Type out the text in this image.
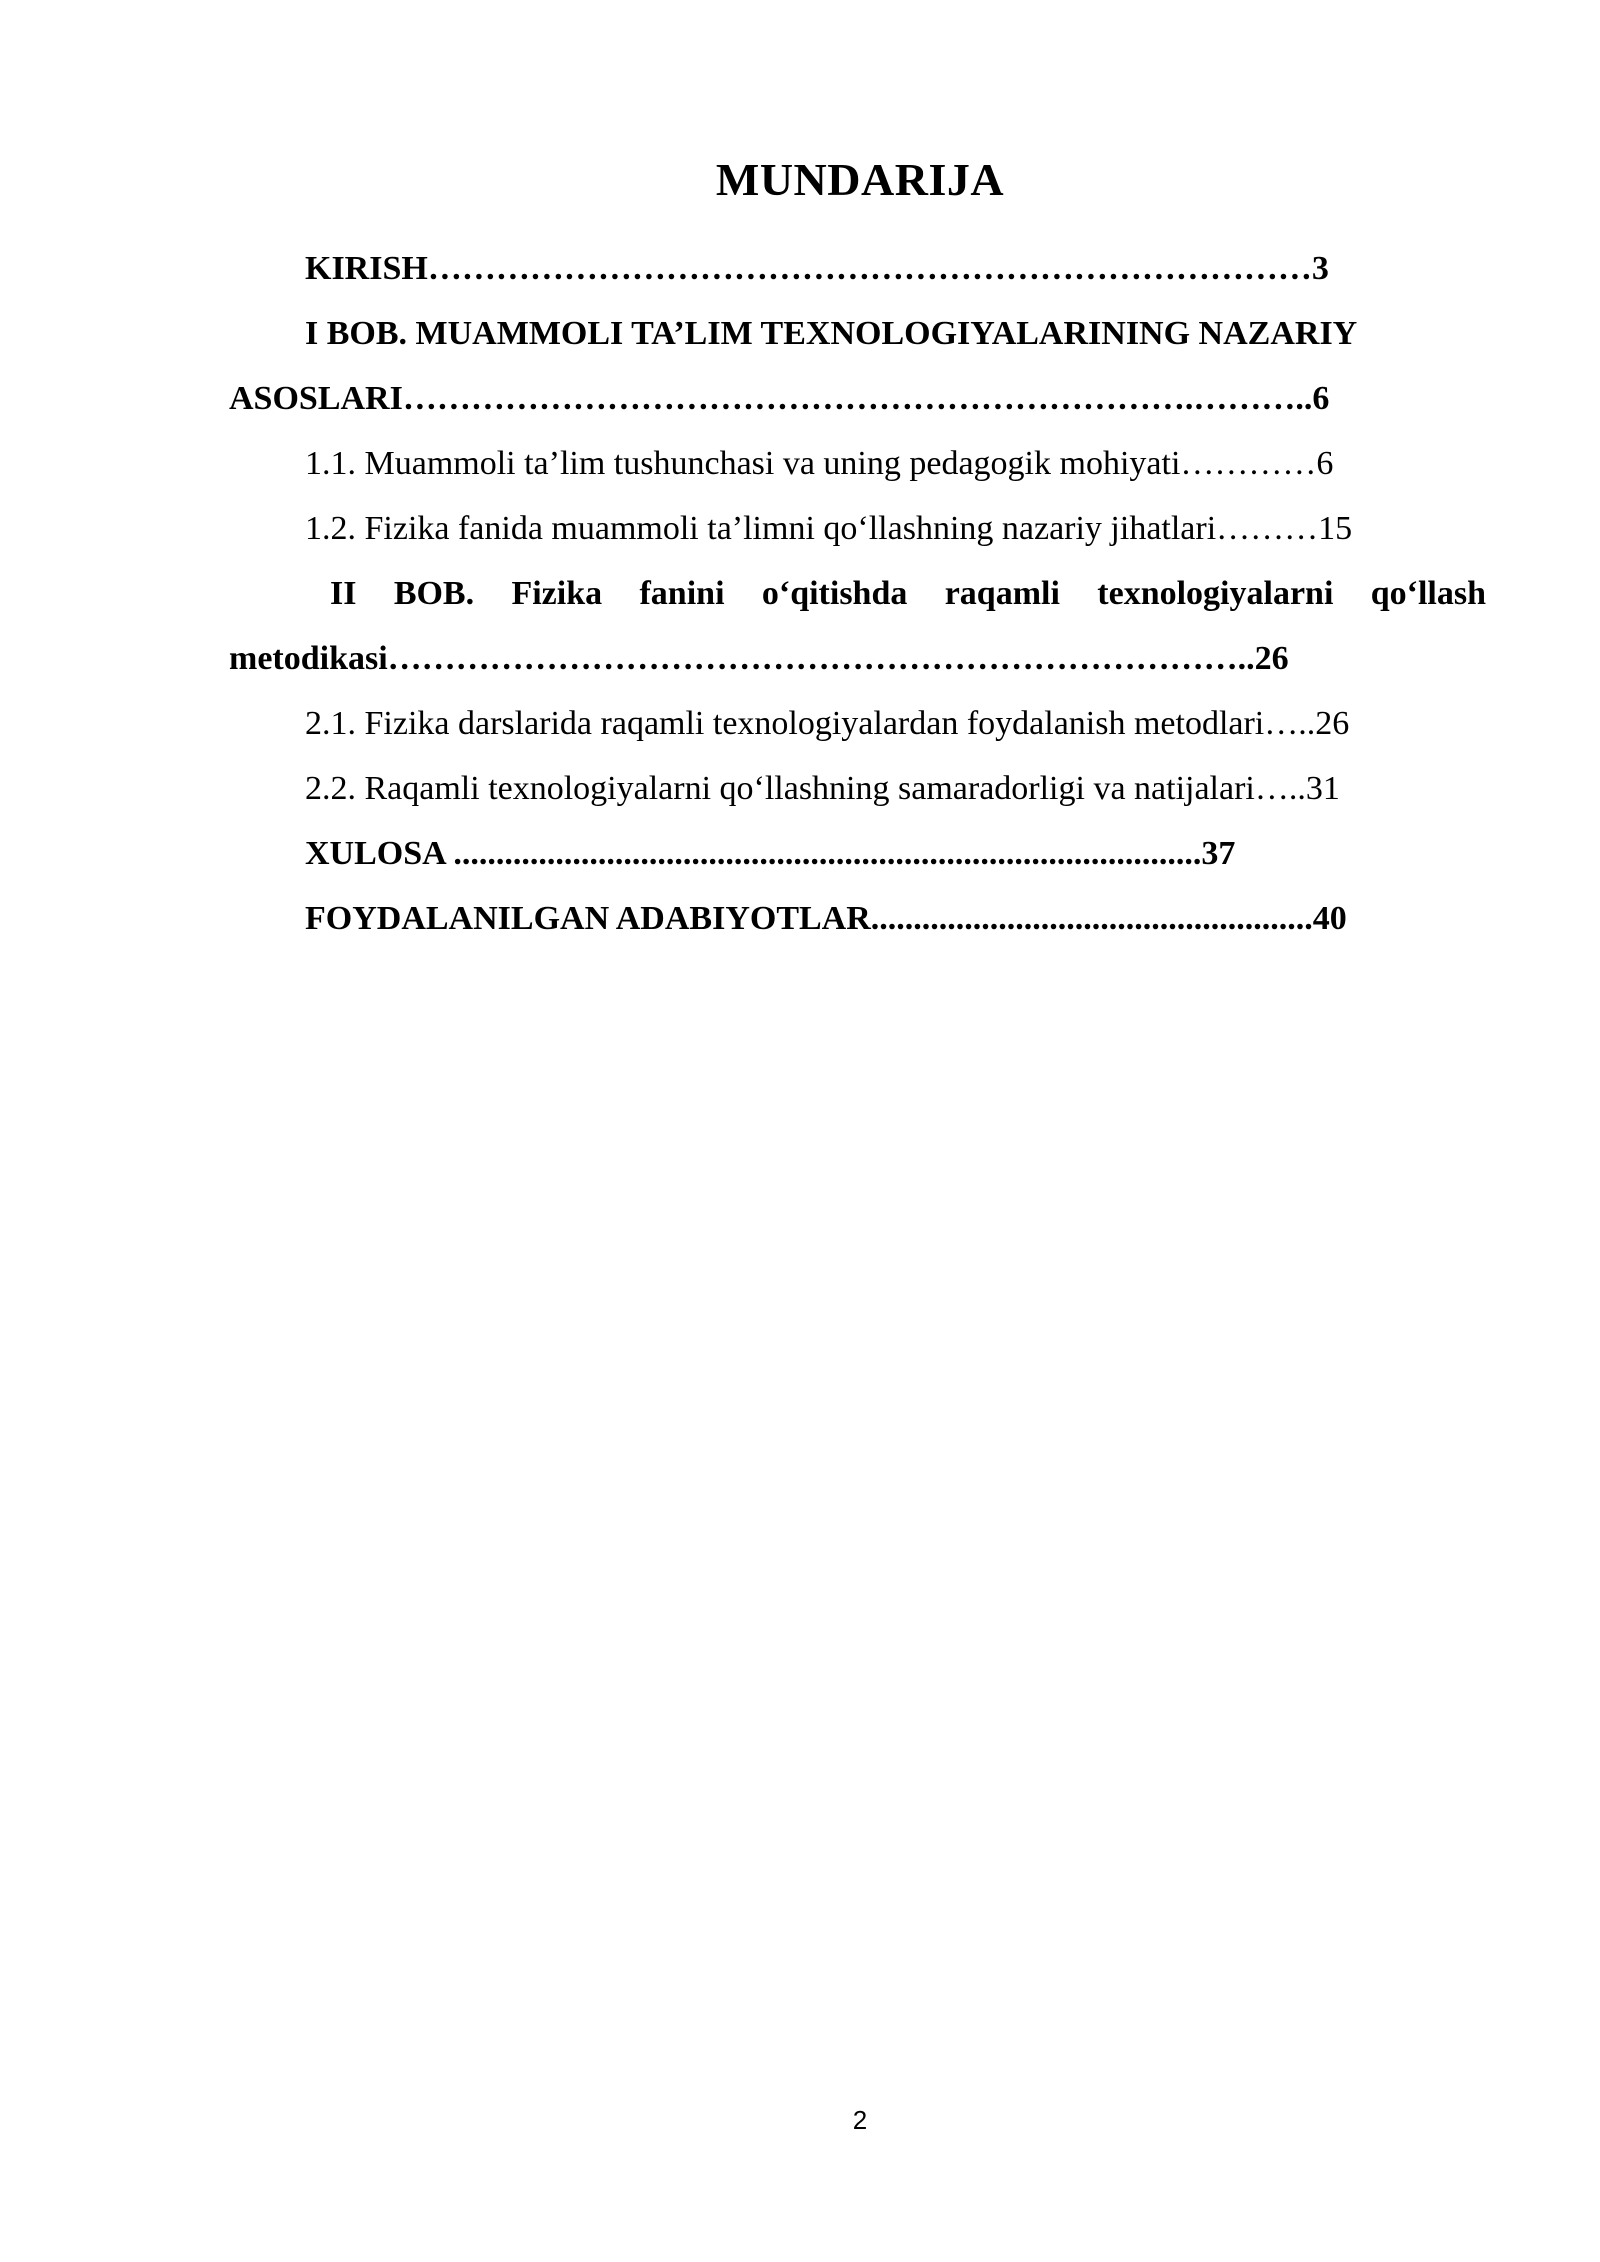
MUNDARIJA

KIRISH……………………………………………………………………3

I BOB. MUAMMOLI TA’LIM TEXNOLOGIYALARINING NAZARIY

ASOSLARI…………………………………………………………….………..6

1.1. Muammoli ta’lim tushunchasi va uning pedagogik mohiyati…………6

1.2. Fizika fanida muammoli ta’limni qo‘llashning nazariy jihatlari………15

II BOB. Fizika fanini o‘qitishda raqamli texnologiyalarni qo‘llash

metodikasi…………………………………………………………………..26

2.1. Fizika darslarida raqamli texnologiyalardan foydalanish metodlari…..26

2.2. Raqamli texnologiyalarni qo‘llashning samaradorligi va natijalari…..31

XULOSA ........................................................................................37

FOYDALANILGAN ADABIYOTLAR....................................................40

2
